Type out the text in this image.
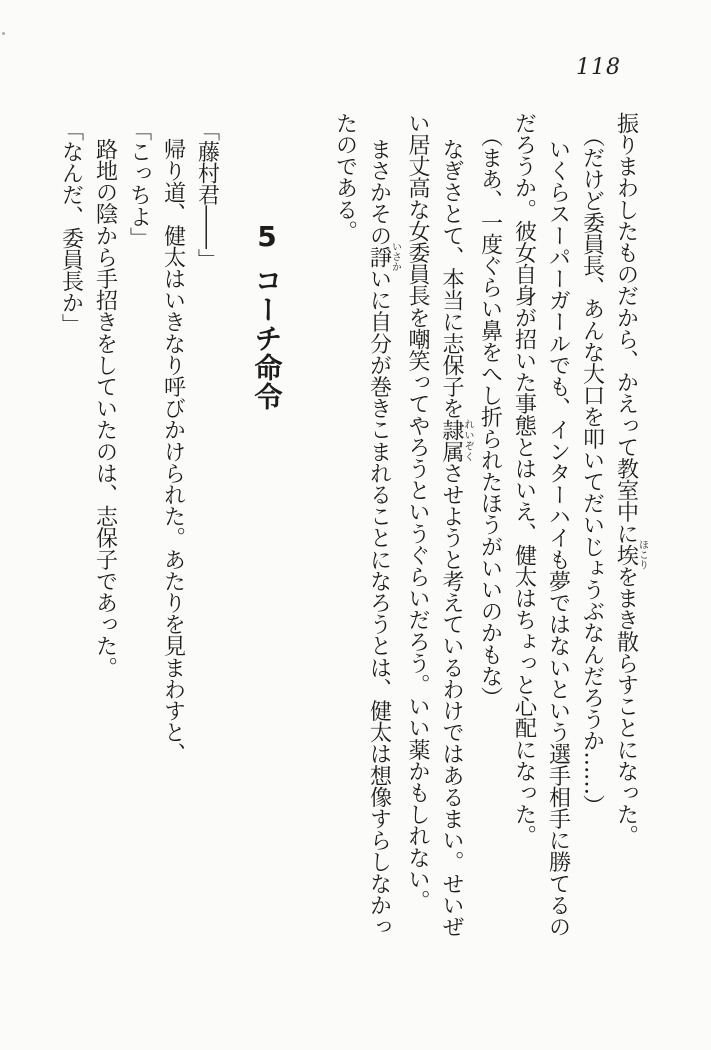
118
振りまわしたものだから、かえって教室中に埃ほこりをまき散らすことになった。
（だけど委員長、あんな大口を叩いてだいじょうぶなんだろうか……）
いくらスーパーガールでも、インターハイも夢ではないという選手相手に勝てるの
だろうか。彼女自身が招いた事態とはいえ、健太はちょっと心配になった。
（まあ、一度ぐらい鼻をへし折られたほうがいいのかもな）
なぎさとて、本当に志保子を隷属れいぞくさせようと考えているわけではあるまい。せいぜ
い居丈高な女委員長を嘲笑ってやろうというぐらいだろう。いい薬かもしれない。
まさかその諍いさかいに自分が巻きこまれることになろうとは、健太は想像すらしなかっ
たのである。
5コーチ命令
「藤村君――」
帰り道、健太はいきなり呼びかけられた。あたりを見まわすと、
「こっちよ」
路地の陰から手招きをしていたのは、志保子であった。
「なんだ、委員長か」
